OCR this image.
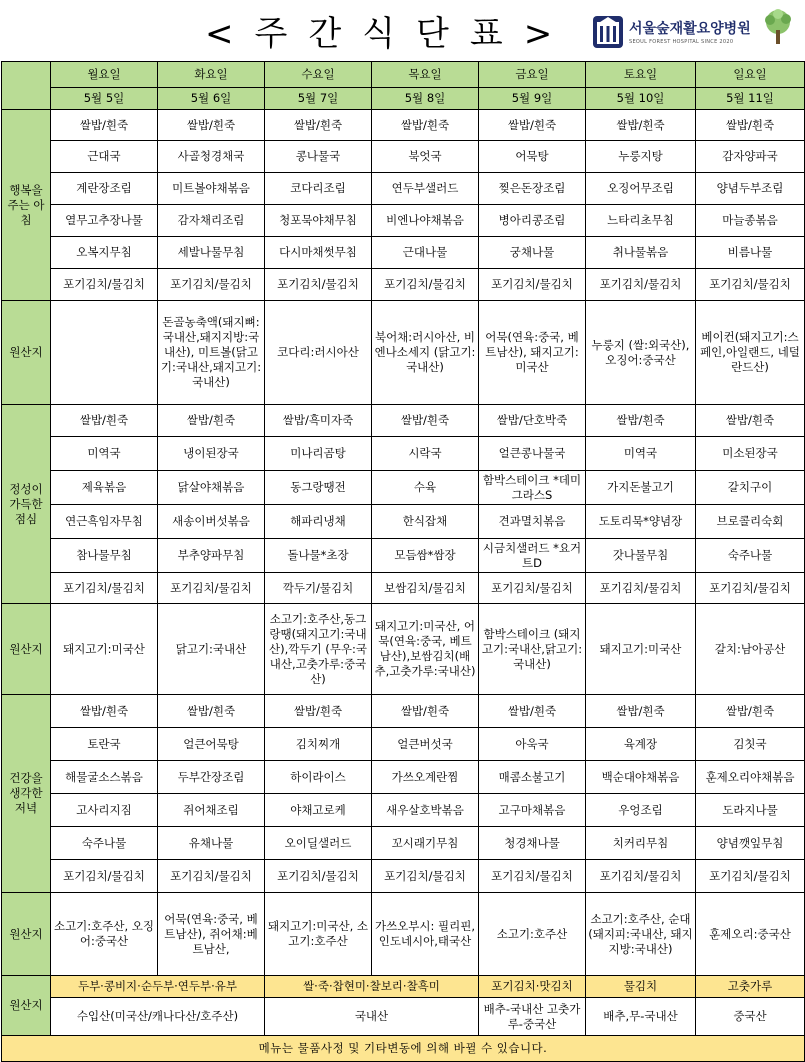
<주간식단표>	서울숲재활요양병원
SEOUL FOREST HOSPITAL SINCE 2020
	월요일	화요일	수요일	목요일	금요일	토요일	일요일
	5월 5일	5월 6일	5월 7일	5월 8일	5월 9일	5월 10일	5월 11일
행복을 주는 아침	쌀밥/흰죽	쌀밥/흰죽	쌀밥/흰죽	쌀밥/흰죽	쌀밥/흰죽	쌀밥/흰죽	쌀밥/흰죽
	근대국	사골청경채국	콩나물국	북엇국	어묵탕	누룽지탕	감자양파국
	계란장조림	미트볼야채볶음	코다리조림	연두부샐러드	찢은돈장조림	오징어무조림	양념두부조림
	열무고추장나물	감자채리조림	청포묵야채무침	비엔나야채볶음	병아리콩조림	느타리초무침	마늘종볶음
	오복지무침	세발나물무침	다시마채썻무침	근대나물	궁채나물	취나물볶음	비름나물
	포기김치/물김치	포기김치/물김치	포기김치/물김치	포기김치/물김치	포기김치/물김치	포기김치/물김치	포기김치/물김치
원산지		돈골농축액(돼지뼈:국내산,돼지지방:국내산), 미트볼(닭고기:국내산,돼지고기:국내산)	코다리:러시아산	북어채:러시아산, 비엔나소세지 (닭고기:국내산)	어묵(연육:중국, 베트남산), 돼지고기:미국산	누룽지 (쌀:외국산), 오징어:중국산	베이컨(돼지고기:스페인,아일랜드, 네덜란드산)
정성이 가득한 점심	쌀밥/흰죽	쌀밥/흰죽	쌀밥/흑미자죽	쌀밥/흰죽	쌀밥/단호박죽	쌀밥/흰죽	쌀밥/흰죽
	미역국	냉이된장국	미나리곰탕	시락국	얼큰콩나물국	미역국	미소된장국
	제육볶음	닭살야채볶음	동그랑땡전	수육	함박스테이크 *데미그라스S	가지돈불고기	갈치구이
	연근흑임자무침	새송이버섯볶음	해파리냉채	한식잡채	견과멸치볶음	도토리묵*양념장	브로콜리숙회
	참나물무침	부추양파무침	돌나물*초장	모듬쌈*쌈장	시금치샐러드 *요거트D	갓나물무침	숙주나물
	포기김치/물김치	포기김치/물김치	깍두기/물김치	보쌈김치/물김치	포기김치/물김치	포기김치/물김치	포기김치/물김치
원산지	돼지고기:미국산	닭고기:국내산	소고기:호주산,동그랑땡(돼지고기:국내산),깍두기 (무우:국내산,고춧가루:중국산)	돼지고기:미국산, 어묵(연육:중국, 베트남산),보쌈김치(배추,고춧가루:국내산)	함박스테이크 (돼지고기:국내산,닭고기:국내산)	돼지고기:미국산	갈치:남아공산
건강을 생각한 저녁	쌀밥/흰죽	쌀밥/흰죽	쌀밥/흰죽	쌀밥/흰죽	쌀밥/흰죽	쌀밥/흰죽	쌀밥/흰죽
	토란국	얼큰어묵탕	김치찌개	얼큰버섯국	아욱국	육계장	김칫국
	해물굴소스볶음	두부간장조림	하이라이스	가쓰오계란찜	매콤소불고기	백순대야채볶음	훈제오리야채볶음
	고사리지짐	쥐어채조림	야채고로케	새우살호박볶음	고구마채볶음	우엉조림	도라지나물
	숙주나물	유채나물	오이딜샐러드	꼬시래기무침	청경채나물	치커리무침	양념깻잎무침
	포기김치/물김치	포기김치/물김치	포기김치/물김치	포기김치/물김치	포기김치/물김치	포기김치/물김치	포기김치/물김치
원산지	소고기:호주산, 오징어:중국산	어묵(연육:중국, 베트남산), 쥐어채:베트남산,	돼지고기:미국산, 소고기:호주산	가쓰오부시: 필리핀,인도네시아,태국산	소고기:호주산	소고기:호주산, 순대 (돼지피:국내산, 돼지지방:국내산)	훈제오리:중국산
원산지	두부·콩비지·순두부·연두부·유부		쌀·죽·찹현미·찰보리·찰흑미		포기김치·맛김치	물김치	고춧가루
	수입산(미국산/캐나다산/호주산)		국내산		배추-국내산 고춧가루-중국산	배추,무-국내산	중국산
메뉴는 물품사정 및 기타변동에 의해 바뀔 수 있습니다.							
